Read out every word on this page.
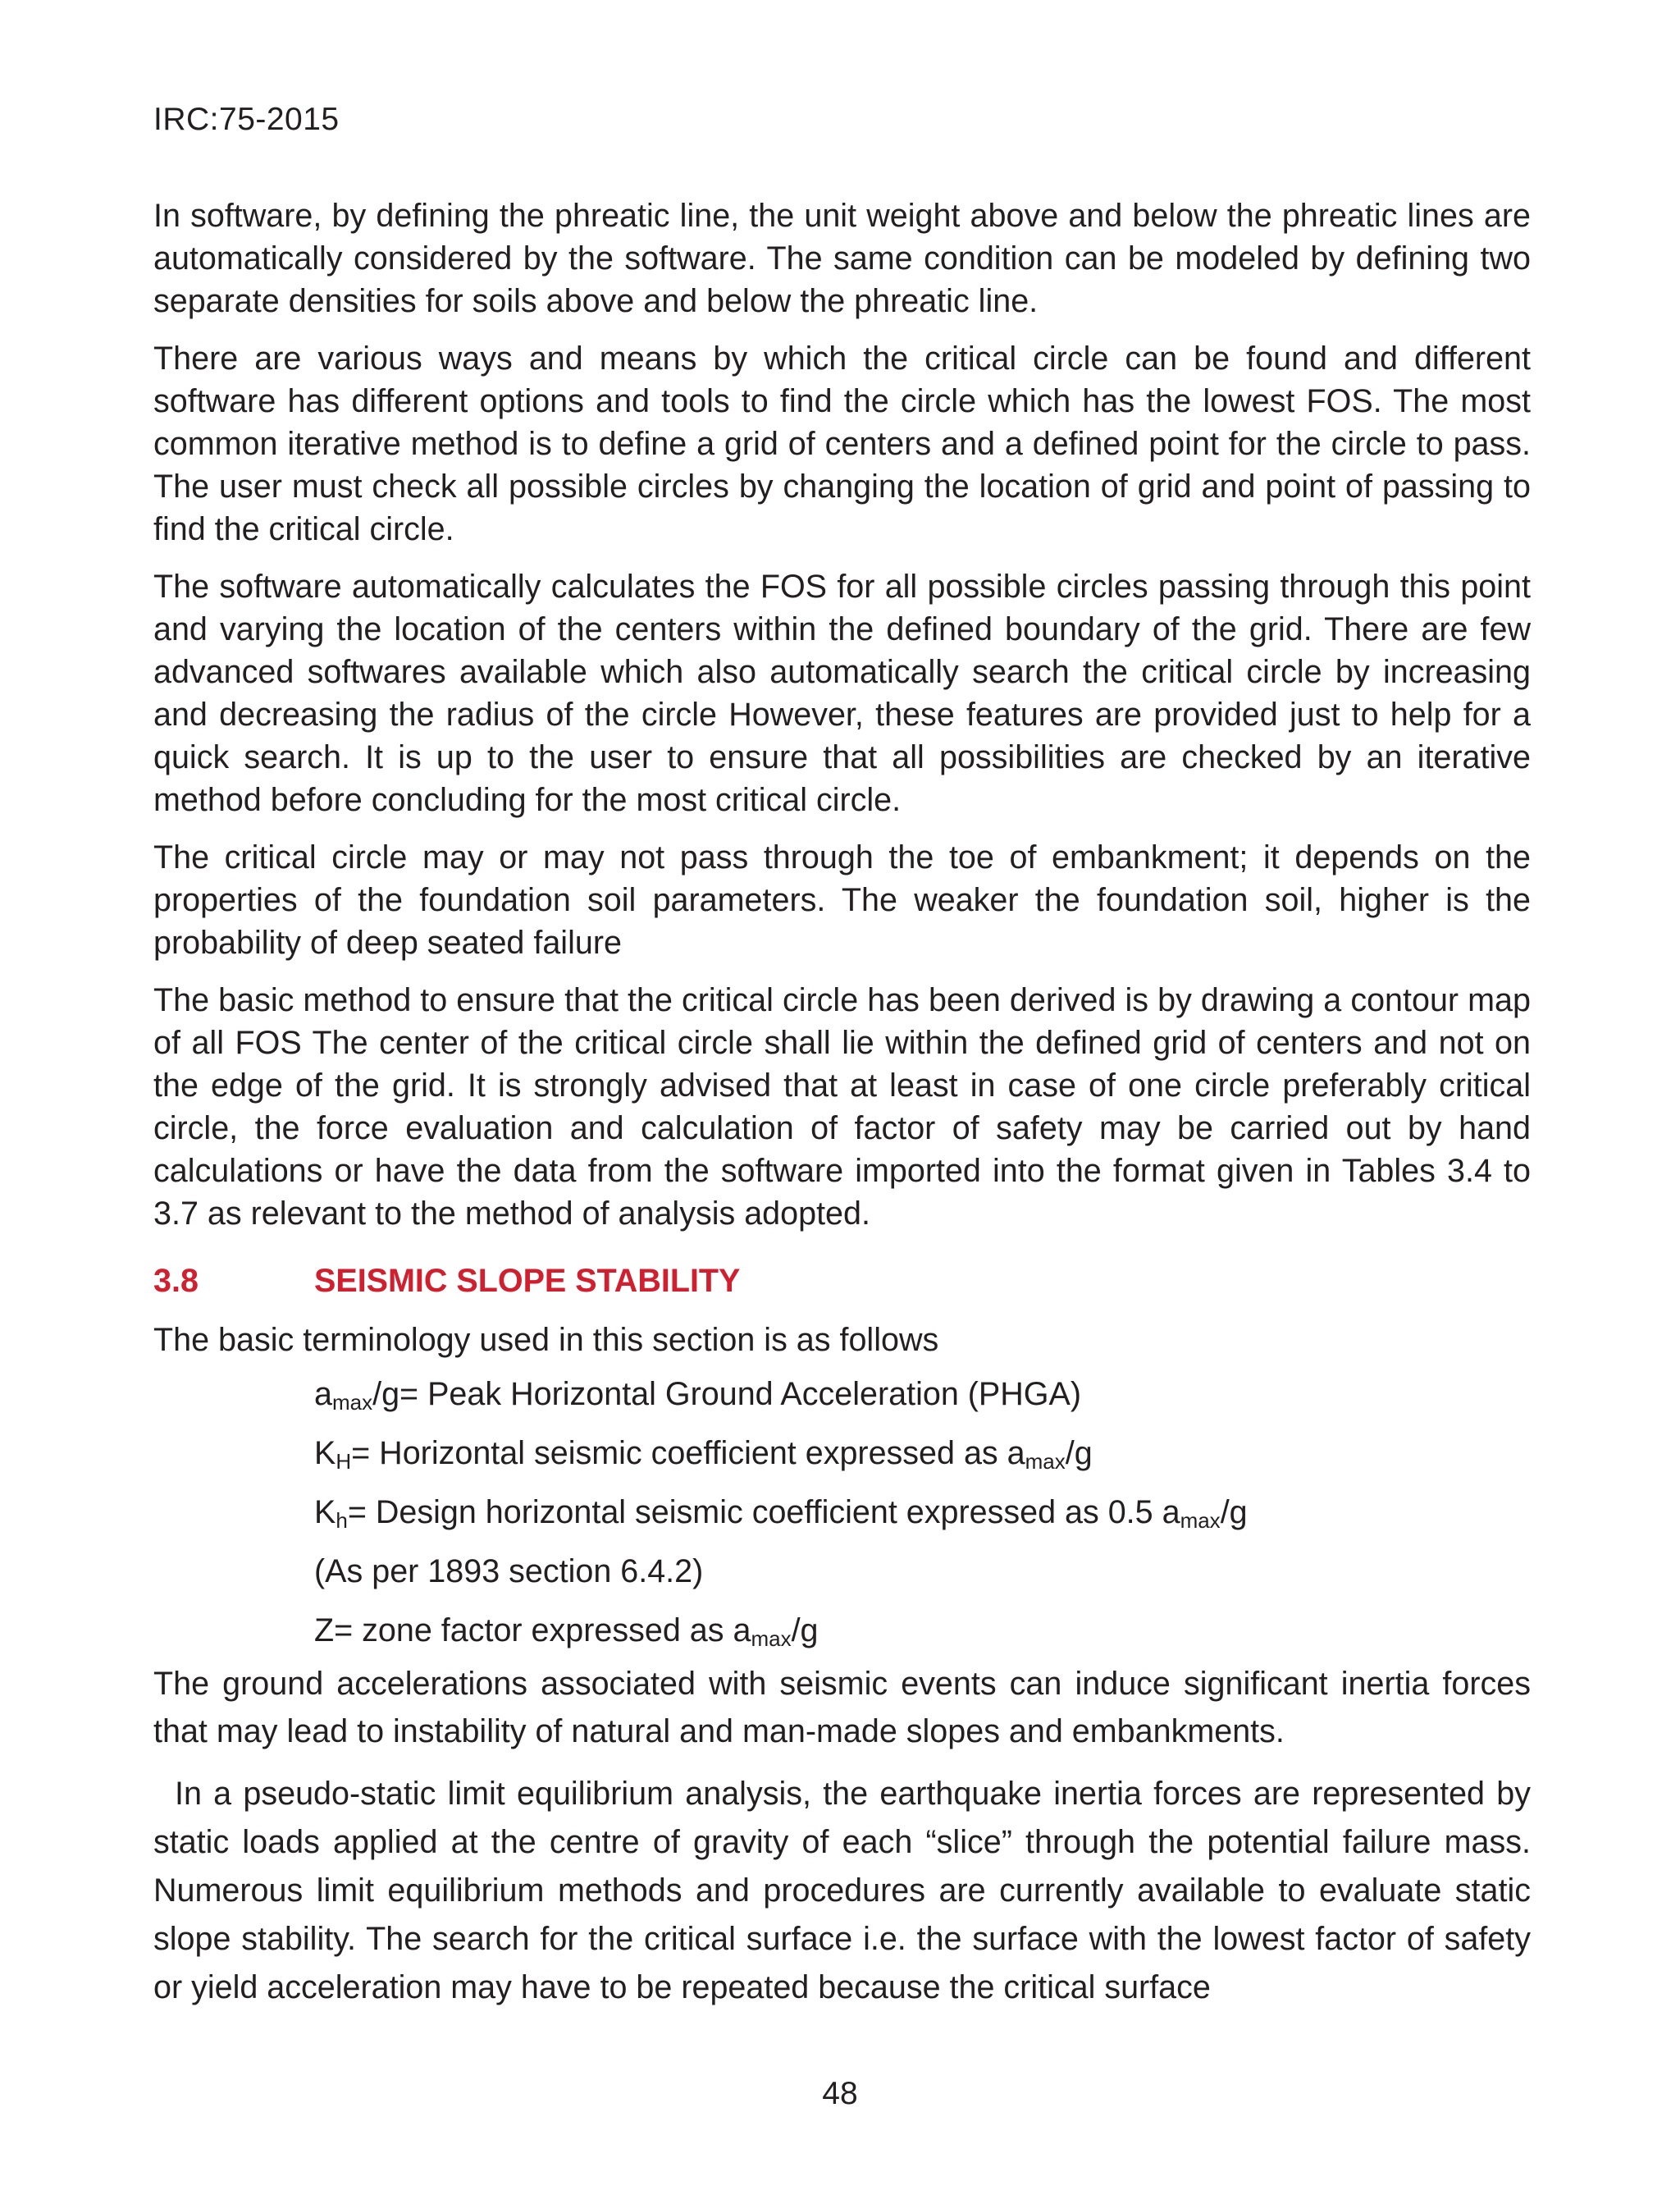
IRC:75-2015

In software, by defining the phreatic line, the unit weight above and below the phreatic lines are automatically considered by the software. The same condition can be modeled by defining two separate densities for soils above and below the phreatic line.

There are various ways and means by which the critical circle can be found and different software has different options and tools to find the circle which has the lowest FOS. The most common iterative method is to define a grid of centers and a defined point for the circle to pass. The user must check all possible circles by changing the location of grid and point of passing to find the critical circle.

The software automatically calculates the FOS for all possible circles passing through this point and varying the location of the centers within the defined boundary of the grid. There are few advanced softwares available which also automatically search the critical circle by increasing and decreasing the radius of the circle However, these features are provided just to help for a quick search. It is up to the user to ensure that all possibilities are checked by an iterative method before concluding for the most critical circle.

The critical circle may or may not pass through the toe of embankment; it depends on the properties of the foundation soil parameters. The weaker the foundation soil, higher is the probability of deep seated failure

The basic method to ensure that the critical circle has been derived is by drawing a contour map of all FOS The center of the critical circle shall lie within the defined grid of centers and not on the edge of the grid. It is strongly advised that at least in case of one circle preferably critical circle, the force evaluation and calculation of factor of safety may be carried out by hand calculations or have the data from the software imported into the format given in Tables 3.4 to 3.7 as relevant to the method of analysis adopted.

3.8	SEISMIC SLOPE STABILITY

The basic terminology used in this section is as follows

$a_{max}/g=$ Peak Horizontal Ground Acceleration (PHGA)
$K_H=$ Horizontal seismic coefficient expressed as $a_{max}/g$
$K_h=$ Design horizontal seismic coefficient expressed as 0.5 $a_{max}/g$
(As per 1893 section 6.4.2)
Z= zone factor expressed as $a_{max}/g$

The ground accelerations associated with seismic events can induce significant inertia forces that may lead to instability of natural and man-made slopes and embankments.

In a pseudo-static limit equilibrium analysis, the earthquake inertia forces are represented by static loads applied at the centre of gravity of each “slice” through the potential failure mass. Numerous limit equilibrium methods and procedures are currently available to evaluate static slope stability. The search for the critical surface i.e. the surface with the lowest factor of safety or yield acceleration may have to be repeated because the critical surface

48
